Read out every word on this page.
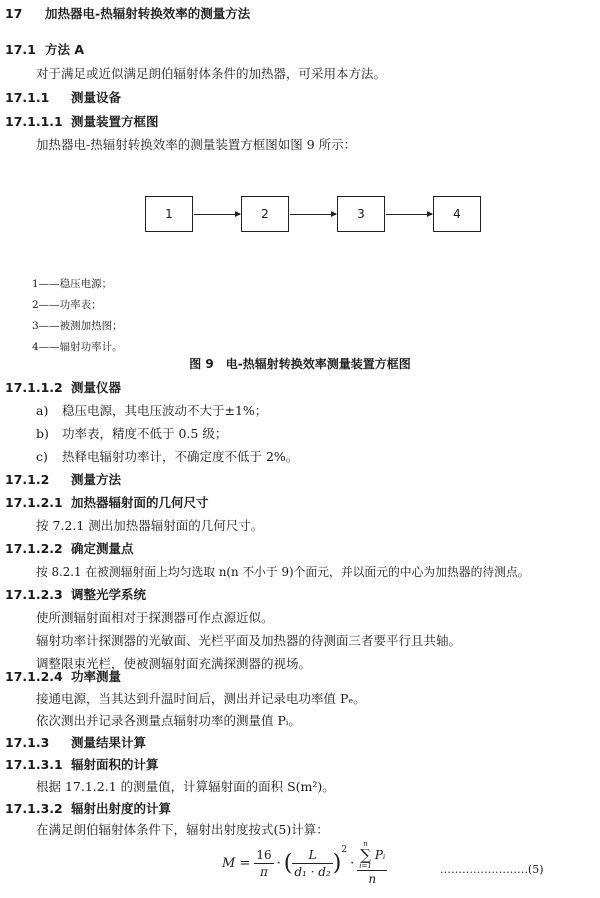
17 加热器电-热辐射转换效率的测量方法
17.1 方法 A
对于满足或近似满足朗伯辐射体条件的加热器，可采用本方法。
17.1.1 测量设备
17.1.1.1 测量装置方框图
加热器电-热辐射转换效率的测量装置方框图如图 9 所示：
1	2	3	4
1——稳压电源；
2——功率表；
3——被测加热图；
4——辐射功率计。
图 9　电-热辐射转换效率测量装置方框图
17.1.1.2 测量仪器
a) 稳压电源，其电压波动不大于±1%；
b) 功率表，精度不低于 0.5 级；
c) 热释电辐射功率计，不确定度不低于 2%。
17.1.2 测量方法
17.1.2.1 加热器辐射面的几何尺寸
按 7.2.1 测出加热器辐射面的几何尺寸。
17.1.2.2 确定测量点
按 8.2.1 在被测辐射面上均匀选取 n(n 不小于 9)个面元，并以面元的中心为加热器的待测点。
17.1.2.3 调整光学系统
使所测辐射面相对于探测器可作点源近似。
辐射功率计探测器的光敏面、光栏平面及加热器的待测面三者要平行且共轴。
调整限束光栏，使被测辐射面充满探测器的视场。
17.1.2.4 功率测量
接通电源，当其达到升温时间后，测出并记录电功率值 Pₑ。
依次测出并记录各测量点辐射功率的测量值 Pᵢ。
17.1.3 测量结果计算
17.1.3.1 辐射面积的计算
根据 17.1.2.1 的测量值，计算辐射面的面积 S(m²)。
17.1.3.2 辐射出射度的计算
$M = \frac{16}{\pi}$ · ( $\frac{L}{\text{d₁ · d₂}}$ )
$^2$
· n
∑
i=1
Pᵢ
n	……………………(5)
在满足朗伯辐射体条件下，辐射出射度按式(5)计算：
